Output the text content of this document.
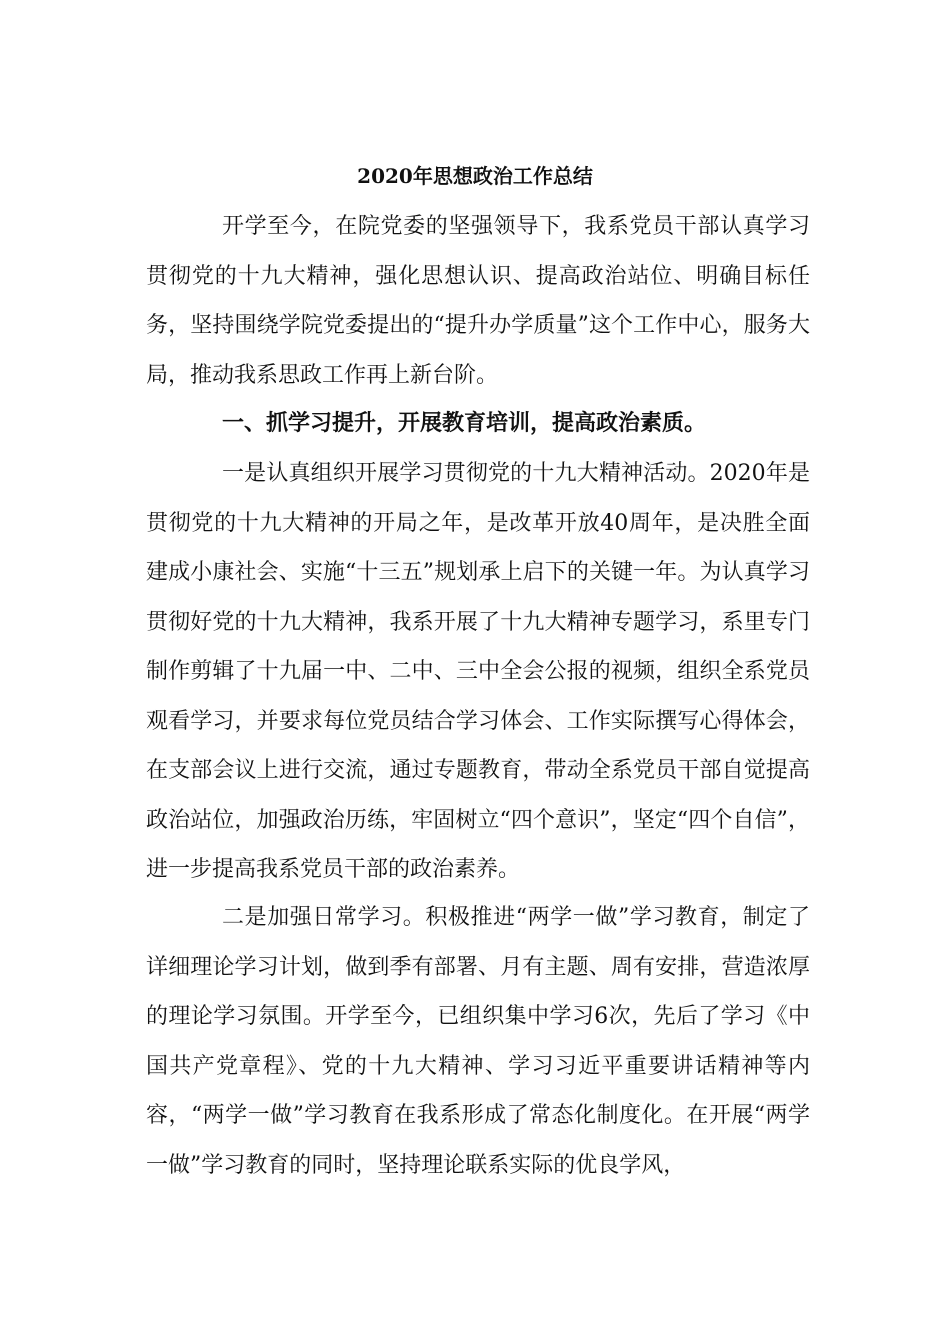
2020年思想政治工作总结

开学至今，在院党委的坚强领导下，我系党员干部认真学习贯彻党的十九大精神，强化思想认识、提高政治站位、明确目标任务，坚持围绕学院党委提出的“提升办学质量”这个工作中心，服务大局，推动我系思政工作再上新台阶。

一、抓学习提升，开展教育培训，提高政治素质。

一是认真组织开展学习贯彻党的十九大精神活动。2020年是贯彻党的十九大精神的开局之年，是改革开放40周年，是决胜全面建成小康社会、实施“十三五”规划承上启下的关键一年。为认真学习贯彻好党的十九大精神，我系开展了十九大精神专题学习，系里专门制作剪辑了十九届一中、二中、三中全会公报的视频，组织全系党员观看学习，并要求每位党员结合学习体会、工作实际撰写心得体会，在支部会议上进行交流，通过专题教育，带动全系党员干部自觉提高政治站位，加强政治历练，牢固树立“四个意识”，坚定“四个自信”，进一步提高我系党员干部的政治素养。

二是加强日常学习。积极推进“两学一做”学习教育，制定了详细理论学习计划，做到季有部署、月有主题、周有安排，营造浓厚的理论学习氛围。开学至今，已组织集中学习6次，先后了学习《中国共产党章程》、党的十九大精神、学习习近平重要讲话精神等内容，“两学一做”学习教育在我系形成了常态化制度化。在开展“两学一做”学习教育的同时，坚持理论联系实际的优良学风，
